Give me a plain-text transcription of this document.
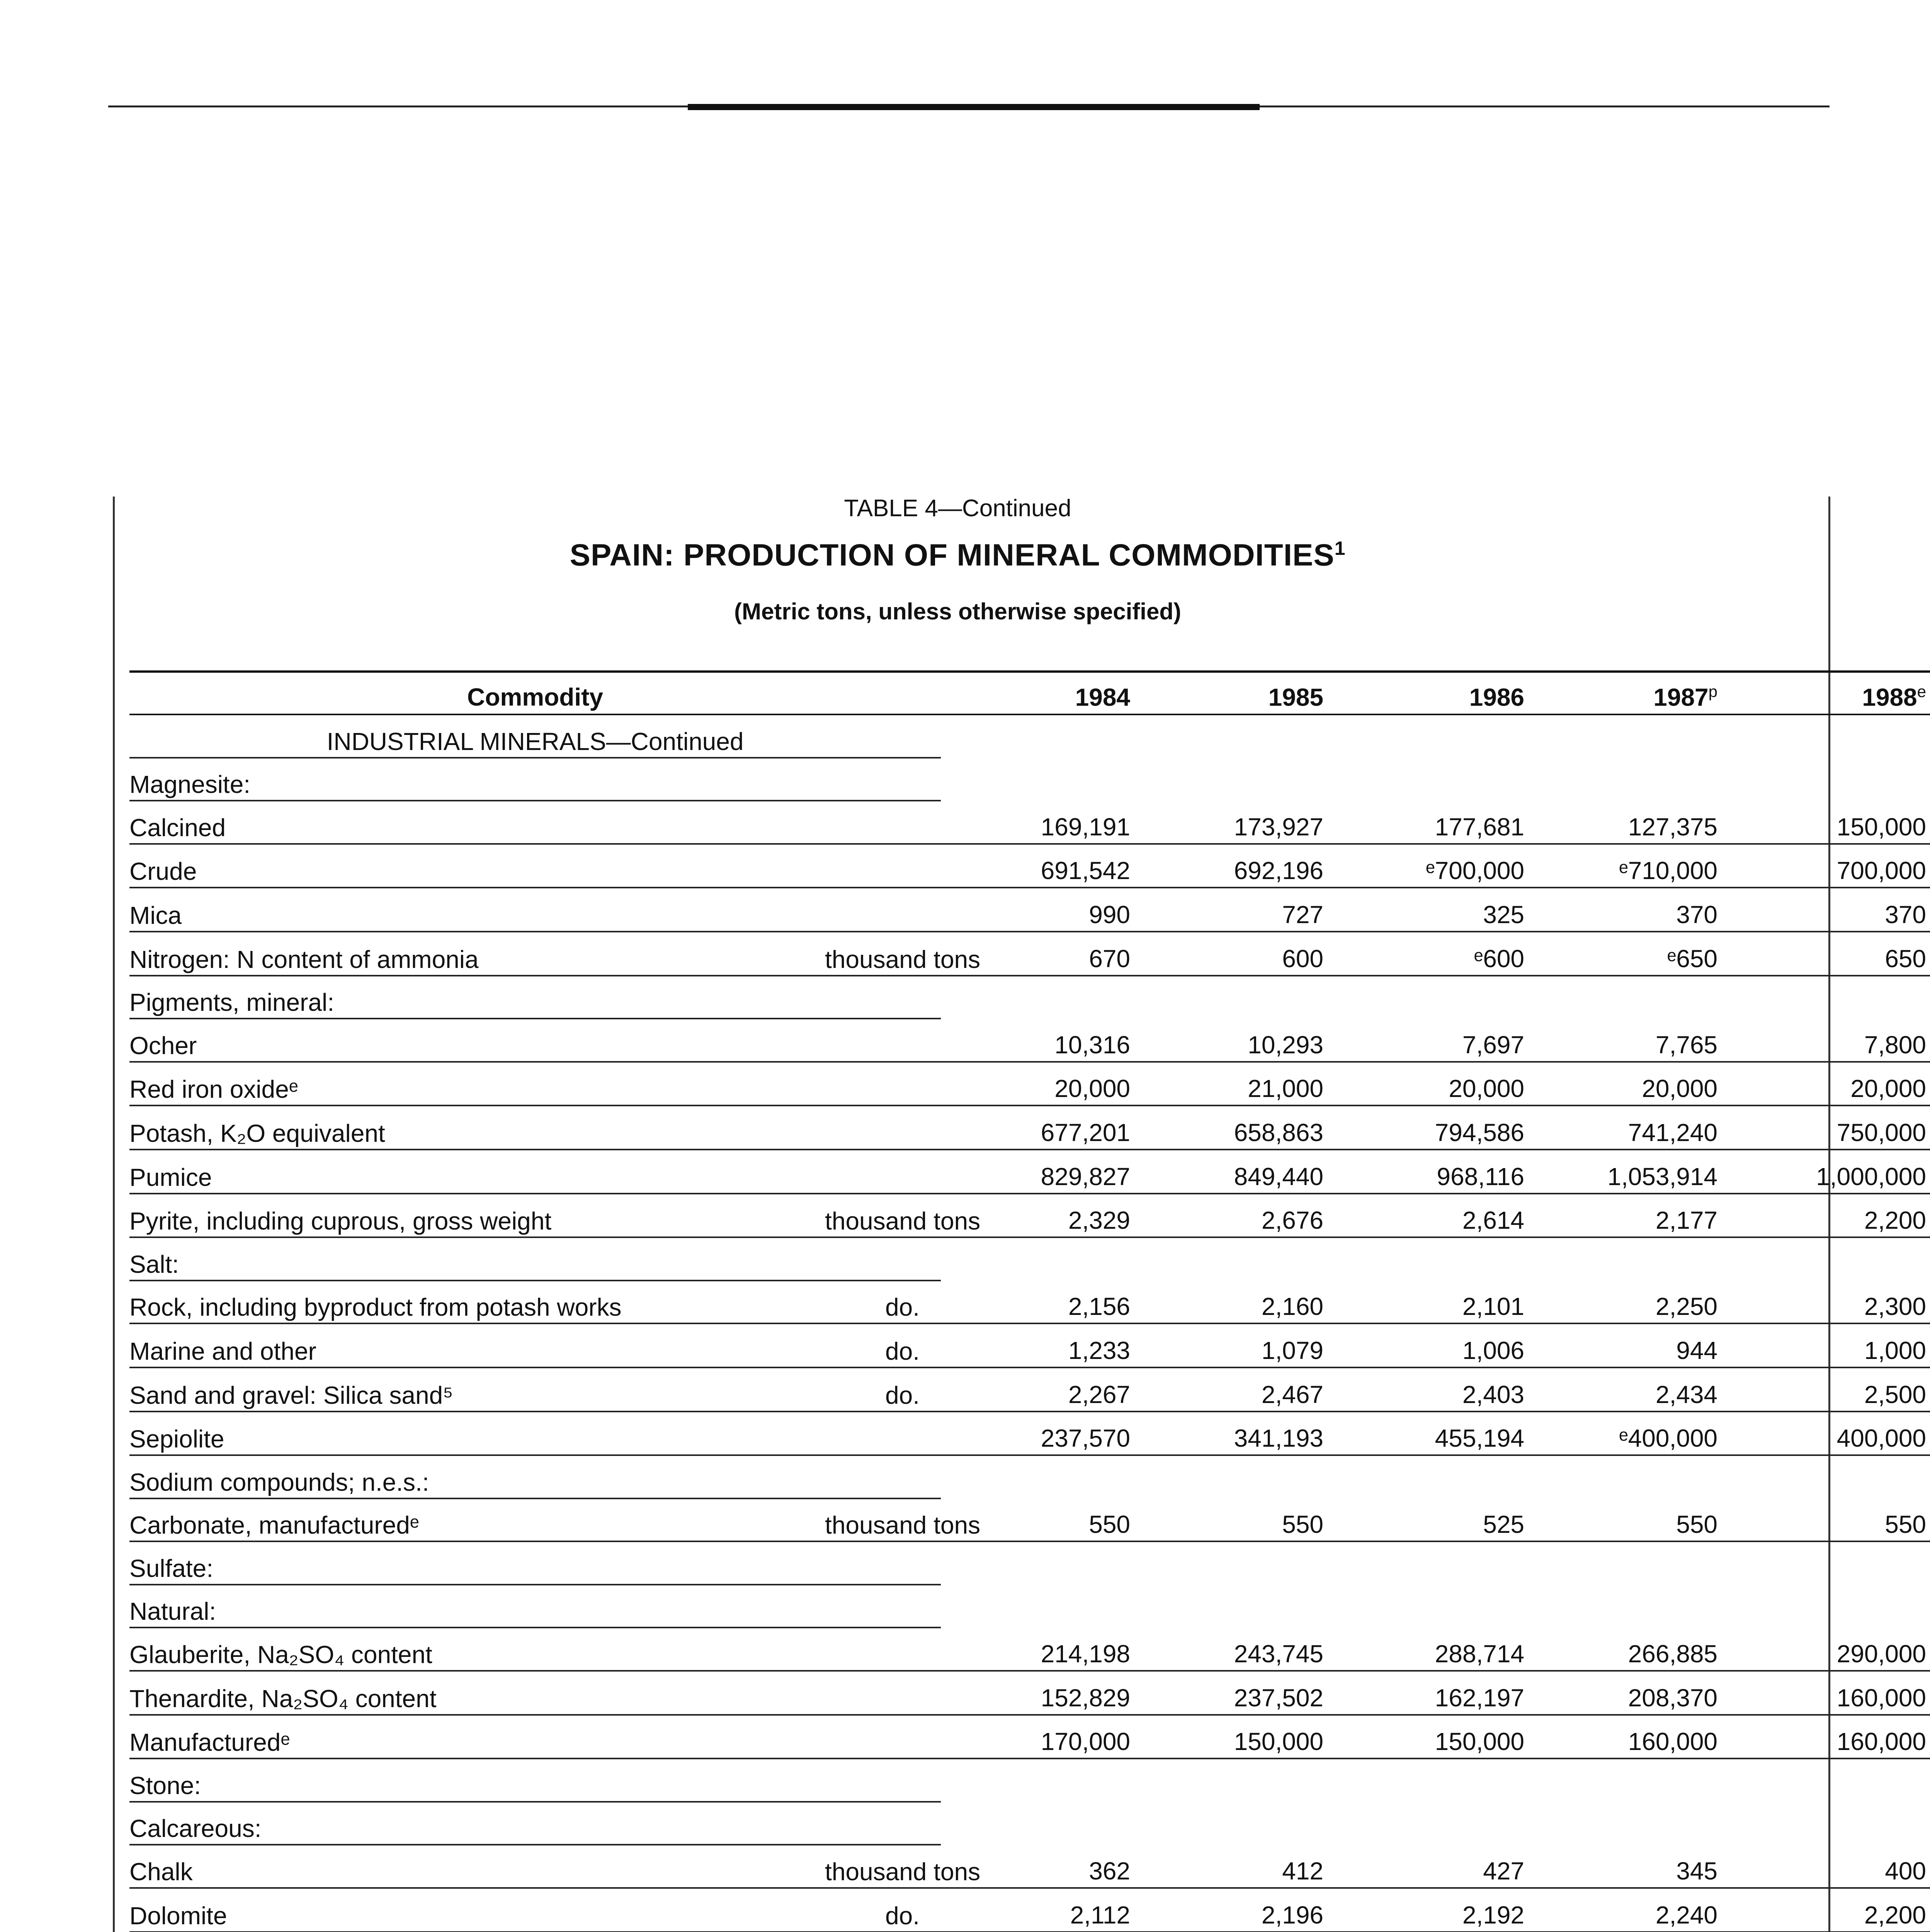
TABLE 4—Continued
SPAIN: PRODUCTION OF MINERAL COMMODITIES$^1$
(Metric tons, unless otherwise specified)
Commodity		1984	1985	1986	1987$^p$	1988e
INDUSTRIAL MINERALS—Continued						
Magnesite:						
Calcined		169,191	173,927	177,681	127,375	150,000
Crude		691,542	692,196	ᵉ700,000	ᵉ710,000	700,000
Mica		990	727	325	370	370
Nitrogen: N content of ammonia	thousand tons	670	600	ᵉ600	ᵉ650	650
Pigments, mineral:						
Ocher		10,316	10,293	7,697	7,765	7,800
Red iron oxideᵉ		20,000	21,000	20,000	20,000	20,000
Potash, K₂O equivalent		677,201	658,863	794,586	741,240	750,000
Pumice		829,827	849,440	968,116	1,053,914	1,000,000
Pyrite, including cuprous, gross weight	thousand tons	2,329	2,676	2,614	2,177	2,200
Salt:						
Rock, including byproduct from potash works	do.	2,156	2,160	2,101	2,250	2,300
Marine and other	do.	1,233	1,079	1,006	944	1,000
Sand and gravel: Silica sand⁵	do.	2,267	2,467	2,403	2,434	2,500
Sepiolite		237,570	341,193	455,194	ᵉ400,000	400,000
Sodium compounds; n.e.s.:						
Carbonate, manufacturedᵉ	thousand tons	550	550	525	550	550
Sulfate:						
Natural:						
Glauberite, Na₂SO₄ content		214,198	243,745	288,714	266,885	290,000
Thenardite, Na₂SO₄ content		152,829	237,502	162,197	208,370	160,000
Manufacturedᵉ		170,000	150,000	150,000	160,000	160,000
Stone:						
Calcareous:						
Chalk	thousand tons	362	412	427	345	400
Dolomite	do.	2,112	2,196	2,192	2,240	2,200
